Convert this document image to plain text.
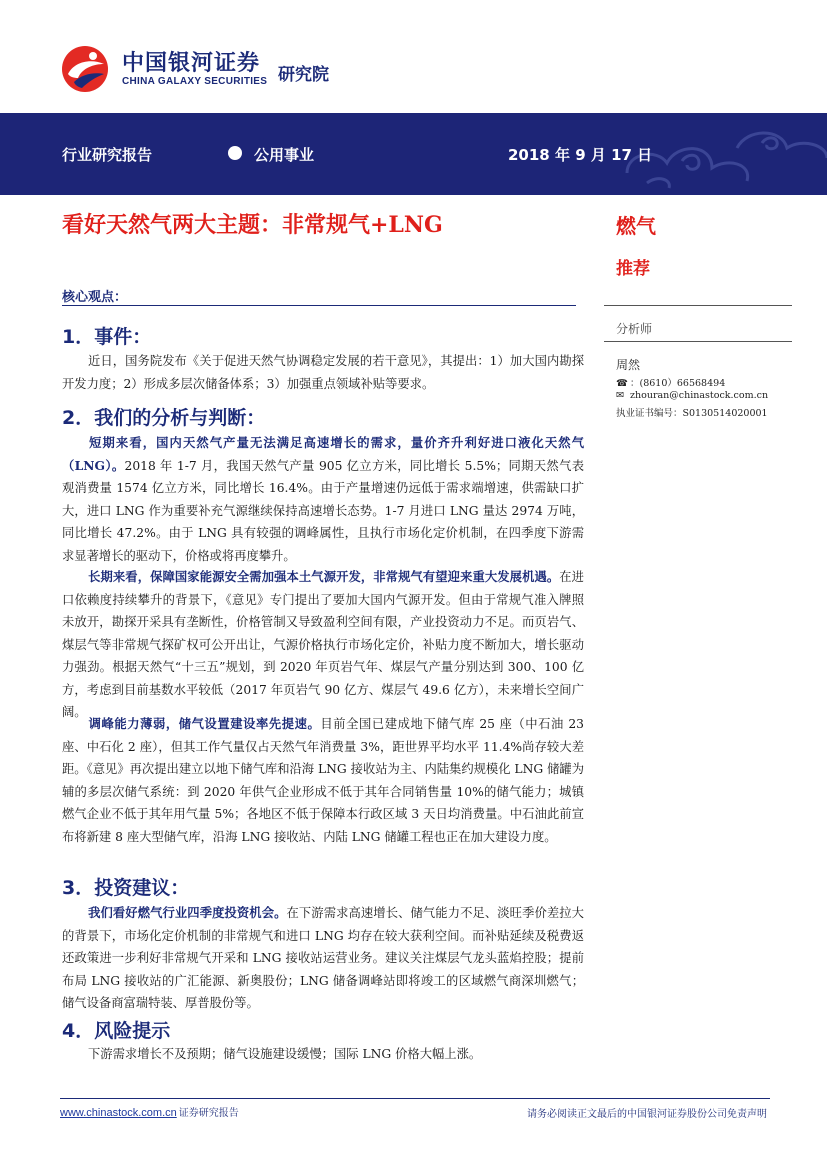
中国银河证券
CHINA GALAXY SECURITIES 研究院
行业研究报告	公用事业	2018 年 9 月 17 日
看好天然气两大主题：非常规气+LNG	燃气
推荐
分析师
周然
☎ ：(8610）66568494
✉ zhouran@chinastock.com.cn
执业证书编号：S0130514020001
核心观点：
1．事件：
近日，国务院发布《关于促进天然气协调稳定发展的若干意见》，其提出：1）加大国内勘探开发力度；2）形成多层次储备体系；3）加强重点领域补贴等要求。
2．我们的分析与判断：
短期来看，国内天然气产量无法满足高速增长的需求，量价齐升利好进口液化天然气（LNG）。2018 年 1-7 月，我国天然气产量 905 亿立方米，同比增长 5.5%；同期天然气表观消费量 1574 亿立方米，同比增长 16.4%。由于产量增速仍远低于需求端增速，供需缺口扩大，进口 LNG 作为重要补充气源继续保持高速增长态势。1-7 月进口 LNG 量达 2974 万吨，同比增长 47.2%。由于 LNG 具有较强的调峰属性，且执行市场化定价机制，在四季度下游需求显著增长的驱动下，价格或将再度攀升。
长期来看，保障国家能源安全需加强本土气源开发，非常规气有望迎来重大发展机遇。在进口依赖度持续攀升的背景下，《意见》专门提出了要加大国内气源开发。但由于常规气准入牌照未放开，勘探开采具有垄断性，价格管制又导致盈利空间有限，产业投资动力不足。而页岩气、煤层气等非常规气探矿权可公开出让，气源价格执行市场化定价，补贴力度不断加大，增长驱动力强劲。根据天然气“十三五”规划，到 2020 年页岩气年、煤层气产量分别达到 300、100 亿方，考虑到目前基数水平较低（2017 年页岩气 90 亿方、煤层气 49.6 亿方），未来增长空间广阔。
调峰能力薄弱，储气设置建设率先提速。目前全国已建成地下储气库 25 座（中石油 23 座、中石化 2 座），但其工作气量仅占天然气年消费量 3%，距世界平均水平 11.4%尚存较大差距。《意见》再次提出建立以地下储气库和沿海 LNG 接收站为主、内陆集约规模化 LNG 储罐为辅的多层次储气系统：到 2020 年供气企业形成不低于其年合同销售量 10%的储气能力；城镇燃气企业不低于其年用气量 5%；各地区不低于保障本行政区域 3 天日均消费量。中石油此前宣布将新建 8 座大型储气库，沿海 LNG 接收站、内陆 LNG 储罐工程也正在加大建设力度。
3．投资建议：
我们看好燃气行业四季度投资机会。在下游需求高速增长、储气能力不足、淡旺季价差拉大的背景下，市场化定价机制的非常规气和进口 LNG 均存在较大获利空间。而补贴延续及税费返还政策进一步利好非常规气开采和 LNG 接收站运营业务。建议关注煤层气龙头蓝焰控股；提前布局 LNG 接收站的广汇能源、新奥股份；LNG 储备调峰站即将竣工的区域燃气商深圳燃气；储气设备商富瑞特装、厚普股份等。
4．风险提示
下游需求增长不及预期；储气设施建设缓慢；国际 LNG 价格大幅上涨。
www.chinastock.com.cn 证券研究报告	请务必阅读正文最后的中国银河证券股份公司免责声明
